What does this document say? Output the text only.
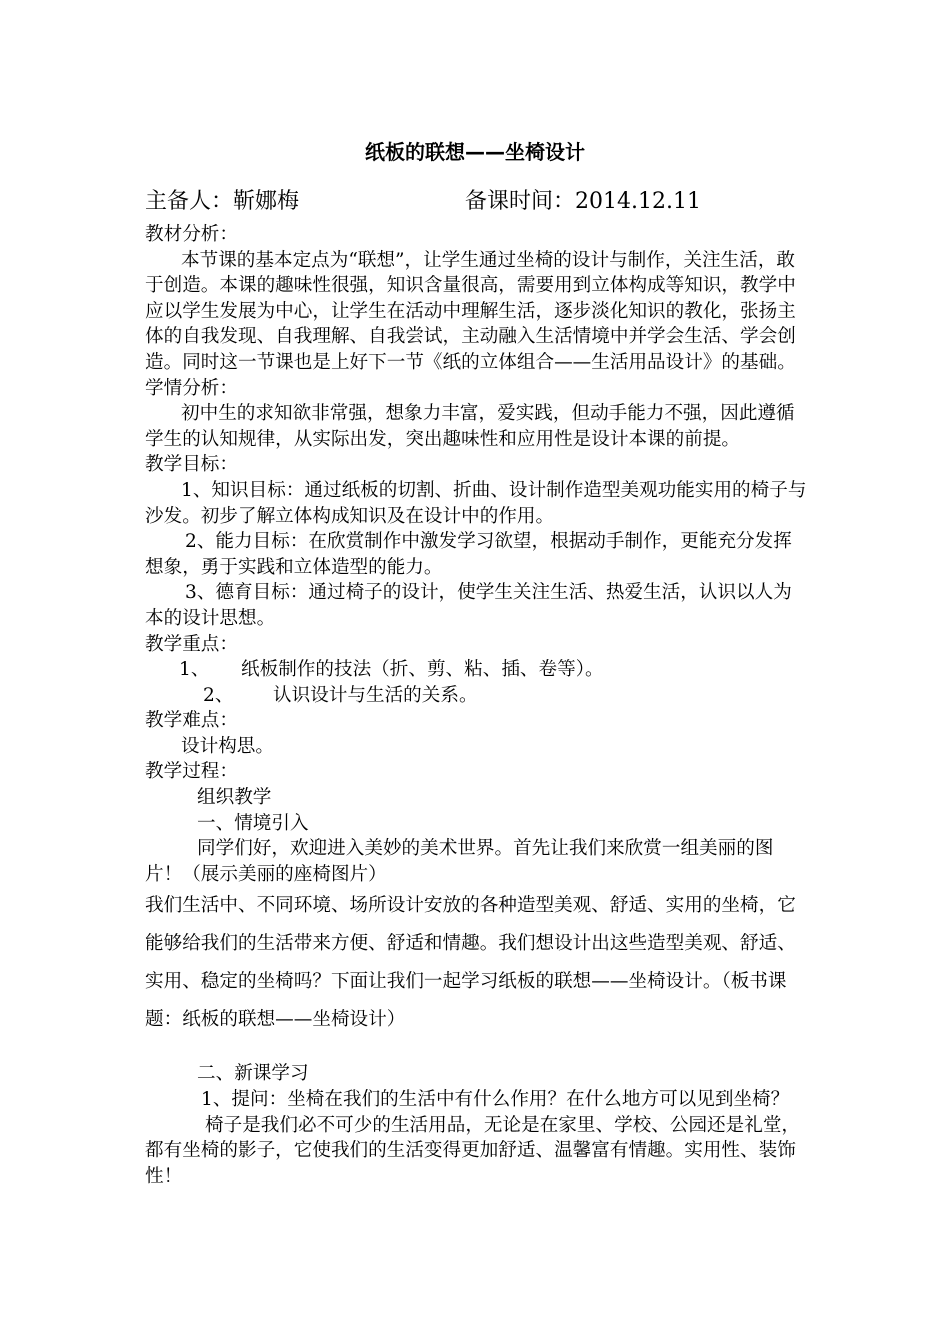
纸板的联想——坐椅设计
主备人：靳娜梅	备课时间：2014.12.11

教材分析：

本节课的基本定点为“联想”，让学生通过坐椅的设计与制作，关注生活，敢于创造。本课的趣味性很强，知识含量很高，需要用到立体构成等知识，教学中应以学生发展为中心，让学生在活动中理解生活，逐步淡化知识的教化，张扬主体的自我发现、自我理解、自我尝试，主动融入生活情境中并学会生活、学会创造。同时这一节课也是上好下一节《纸的立体组合——生活用品设计》的基础。

学情分析：

初中生的求知欲非常强，想象力丰富，爱实践，但动手能力不强，因此遵循学生的认知规律，从实际出发，突出趣味性和应用性是设计本课的前提。

教学目标：

1、知识目标：通过纸板的切割、折曲、设计制作造型美观功能实用的椅子与沙发。初步了解立体构成知识及在设计中的作用。

2、能力目标：在欣赏制作中激发学习欲望，根据动手制作，更能充分发挥想象，勇于实践和立体造型的能力。

3、德育目标：通过椅子的设计，使学生关注生活、热爱生活，认识以人为本的设计思想。

教学重点：

1、	纸板制作的技法（折、剪、粘、插、卷等）。
2、	认识设计与生活的关系。

教学难点：

设计构思。

教学过程：

组织教学

一、情境引入

同学们好，欢迎进入美妙的美术世界。首先让我们来欣赏一组美丽的图片！（展示美丽的座椅图片）

我们生活中、不同环境、场所设计安放的各种造型美观、舒适、实用的坐椅，它能够给我们的生活带来方便、舒适和情趣。我们想设计出这些造型美观、舒适、实用、稳定的坐椅吗？下面让我们一起学习纸板的联想——坐椅设计。（板书课题：纸板的联想——坐椅设计）

二、新课学习

1、提问：坐椅在我们的生活中有什么作用？在什么地方可以见到坐椅？

椅子是我们必不可少的生活用品，无论是在家里、学校、公园还是礼堂，都有坐椅的影子，它使我们的生活变得更加舒适、温馨富有情趣。实用性、装饰性！
